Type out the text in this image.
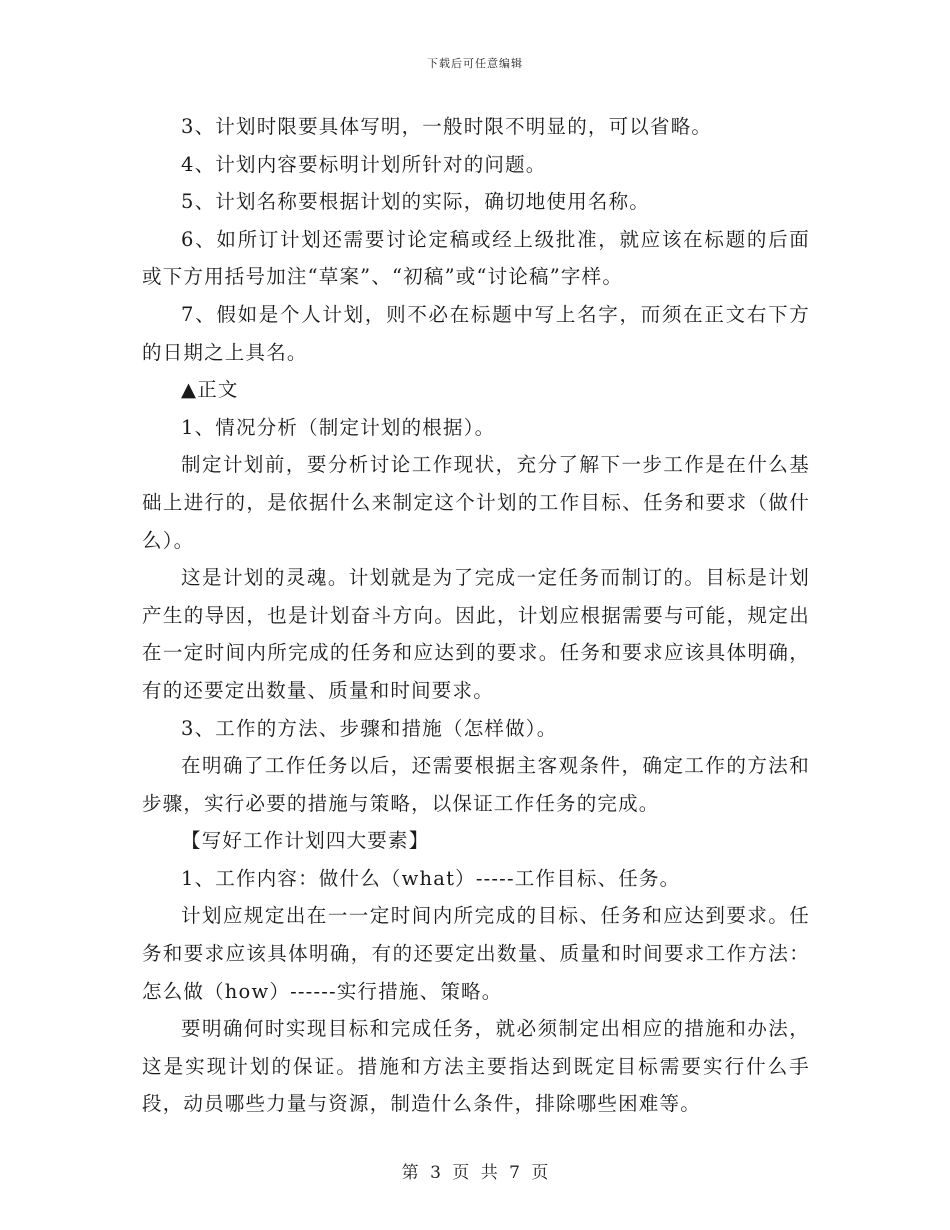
下载后可任意编辑

3、计划时限要具体写明，一般时限不明显的，可以省略。

4、计划内容要标明计划所针对的问题。

5、计划名称要根据计划的实际，确切地使用名称。

6、如所订计划还需要讨论定稿或经上级批准，就应该在标题的后面或下方用括号加注“草案”、“初稿”或“讨论稿”字样。

7、假如是个人计划，则不必在标题中写上名字，而须在正文右下方的日期之上具名。

▲正文

1、情况分析（制定计划的根据）。

制定计划前，要分析讨论工作现状，充分了解下一步工作是在什么基础上进行的，是依据什么来制定这个计划的工作目标、任务和要求（做什么）。

这是计划的灵魂。计划就是为了完成一定任务而制订的。目标是计划产生的导因，也是计划奋斗方向。因此，计划应根据需要与可能，规定出在一定时间内所完成的任务和应达到的要求。任务和要求应该具体明确，有的还要定出数量、质量和时间要求。

3、工作的方法、步骤和措施（怎样做）。

在明确了工作任务以后，还需要根据主客观条件，确定工作的方法和步骤，实行必要的措施与策略，以保证工作任务的完成。

【写好工作计划四大要素】

1、工作内容：做什么（what）-----工作目标、任务。

计划应规定出在一一定时间内所完成的目标、任务和应达到要求。任务和要求应该具体明确，有的还要定出数量、质量和时间要求工作方法：怎么做（how）------实行措施、策略。

要明确何时实现目标和完成任务，就必须制定出相应的措施和办法，这是实现计划的保证。措施和方法主要指达到既定目标需要实行什么手段，动员哪些力量与资源，制造什么条件，排除哪些困难等。

第 3 页 共 7 页
